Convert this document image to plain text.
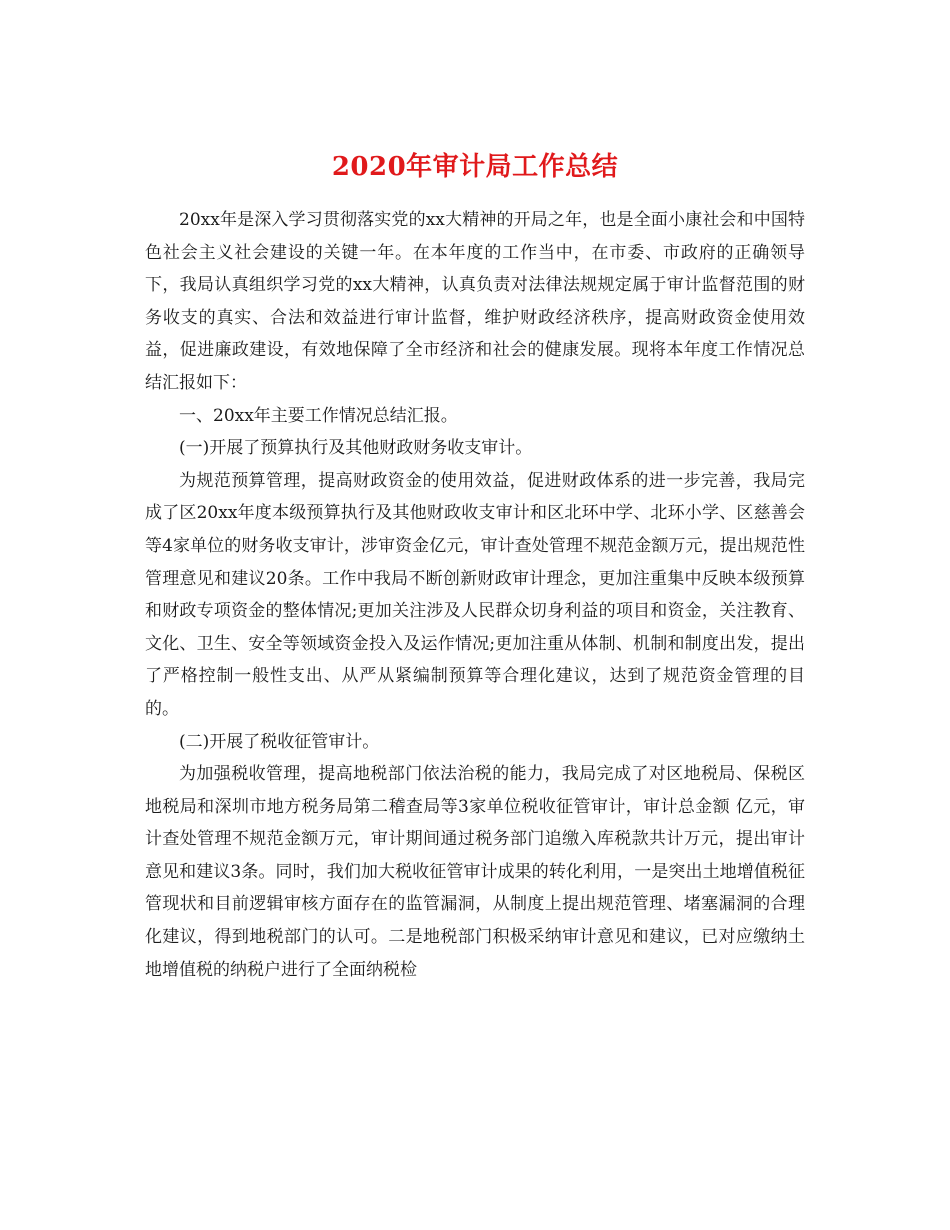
2020年审计局工作总结

20xx年是深入学习贯彻落实党的xx大精神的开局之年，也是全面小康社会和中国特色社会主义社会建设的关键一年。在本年度的工作当中，在市委、市政府的正确领导下，我局认真组织学习党的xx大精神，认真负责对法律法规规定属于审计监督范围的财务收支的真实、合法和效益进行审计监督，维护财政经济秩序，提高财政资金使用效益，促进廉政建设，有效地保障了全市经济和社会的健康发展。现将本年度工作情况总结汇报如下：

一、20xx年主要工作情况总结汇报。

(一)开展了预算执行及其他财政财务收支审计。

为规范预算管理，提高财政资金的使用效益，促进财政体系的进一步完善，我局完成了区20xx年度本级预算执行及其他财政收支审计和区北环中学、北环小学、区慈善会等4家单位的财务收支审计，涉审资金亿元，审计查处管理不规范金额万元，提出规范性管理意见和建议20条。工作中我局不断创新财政审计理念，更加注重集中反映本级预算和财政专项资金的整体情况;更加关注涉及人民群众切身利益的项目和资金，关注教育、文化、卫生、安全等领域资金投入及运作情况;更加注重从体制、机制和制度出发，提出了严格控制一般性支出、从严从紧编制预算等合理化建议，达到了规范资金管理的目的。

(二)开展了税收征管审计。

为加强税收管理，提高地税部门依法治税的能力，我局完成了对区地税局、保税区地税局和深圳市地方税务局第二稽查局等3家单位税收征管审计，审计总金额 亿元，审计查处管理不规范金额万元，审计期间通过税务部门追缴入库税款共计万元，提出审计意见和建议3条。同时，我们加大税收征管审计成果的转化利用，一是突出土地增值税征管现状和目前逻辑审核方面存在的监管漏洞，从制度上提出规范管理、堵塞漏洞的合理化建议，得到地税部门的认可。二是地税部门积极采纳审计意见和建议，已对应缴纳土地增值税的纳税户进行了全面纳税检
